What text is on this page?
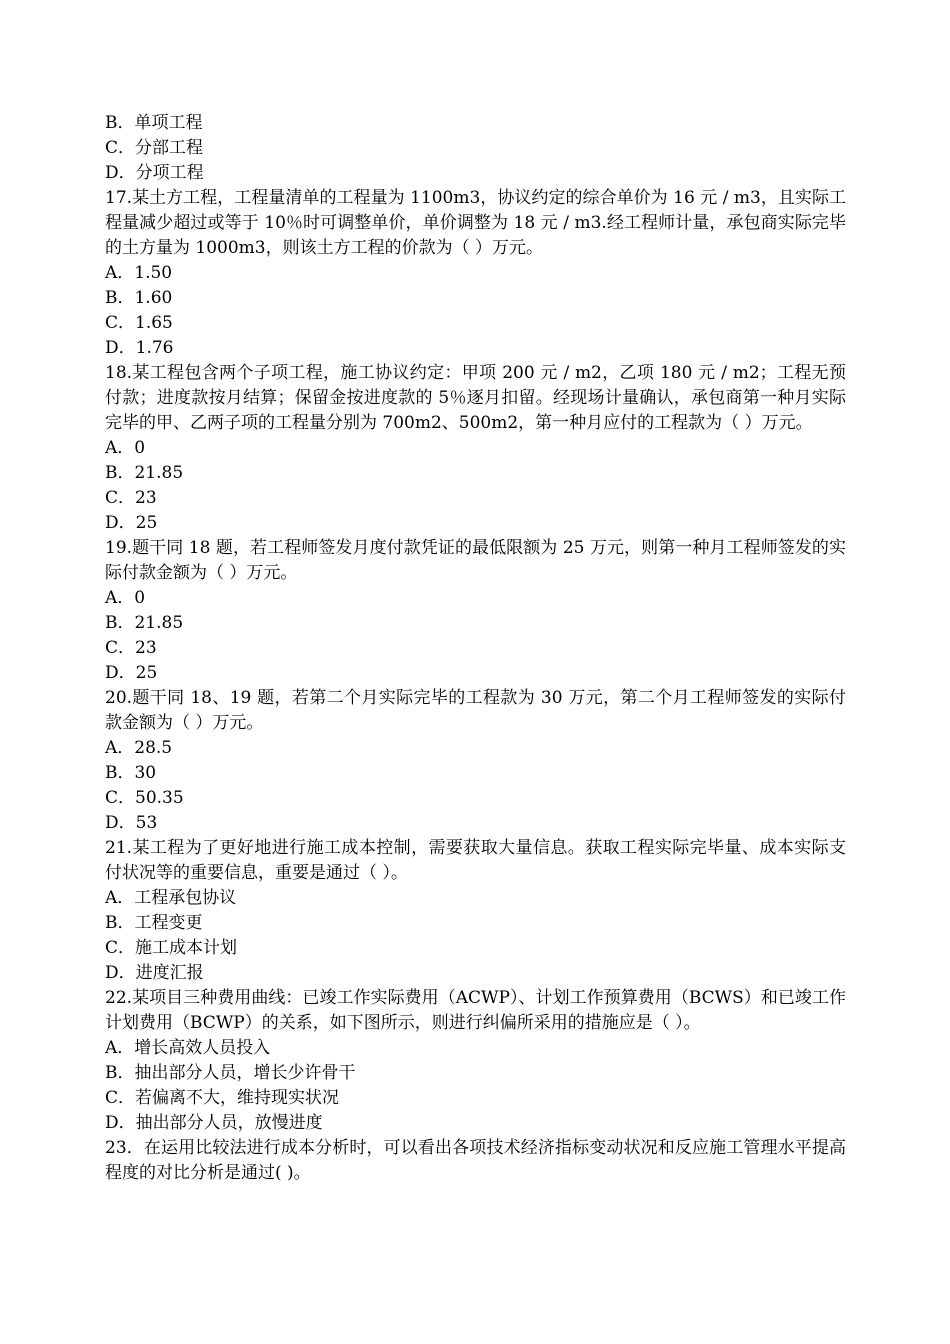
B．单项工程
C．分部工程
D．分项工程
17.某土方工程，工程量清单的工程量为 1100m3，协议约定的综合单价为 16 元 / m3，且实际工程量减少超过或等于 10％时可调整单价，单价调整为 18 元 / m3.经工程师计量，承包商实际完毕的土方量为 1000m3，则该土方工程的价款为（ ）万元。
A．1.50
B．1.60
C．1.65
D．1.76
18.某工程包含两个子项工程，施工协议约定：甲项 200 元 / m2，乙项 180 元 / m2；工程无预付款；进度款按月结算；保留金按进度款的 5％逐月扣留。经现场计量确认，承包商第一种月实际完毕的甲、乙两子项的工程量分别为 700m2、500m2，第一种月应付的工程款为（ ）万元。
A．0
B．21.85
C．23
D．25
19.题干同 18 题，若工程师签发月度付款凭证的最低限额为 25 万元，则第一种月工程师签发的实际付款金额为（ ）万元。
A．0
B．21.85
C．23
D．25
20.题干同 18、19 题，若第二个月实际完毕的工程款为 30 万元，第二个月工程师签发的实际付款金额为（ ）万元。
A．28.5
B．30
C．50.35
D．53
21.某工程为了更好地进行施工成本控制，需要获取大量信息。获取工程实际完毕量、成本实际支付状况等的重要信息，重要是通过（ ）。
A．工程承包协议
B．工程变更
C．施工成本计划
D．进度汇报
22.某项目三种费用曲线：已竣工作实际费用（ACWP）、计划工作预算费用（BCWS）和已竣工作计划费用（BCWP）的关系，如下图所示，则进行纠偏所采用的措施应是（ ）。
A．增长高效人员投入
B．抽出部分人员，增长少许骨干
C．若偏离不大，维持现实状况
D．抽出部分人员，放慢进度
23．在运用比较法进行成本分析时，可以看出各项技术经济指标变动状况和反应施工管理水平提高程度的对比分析是通过( )。
